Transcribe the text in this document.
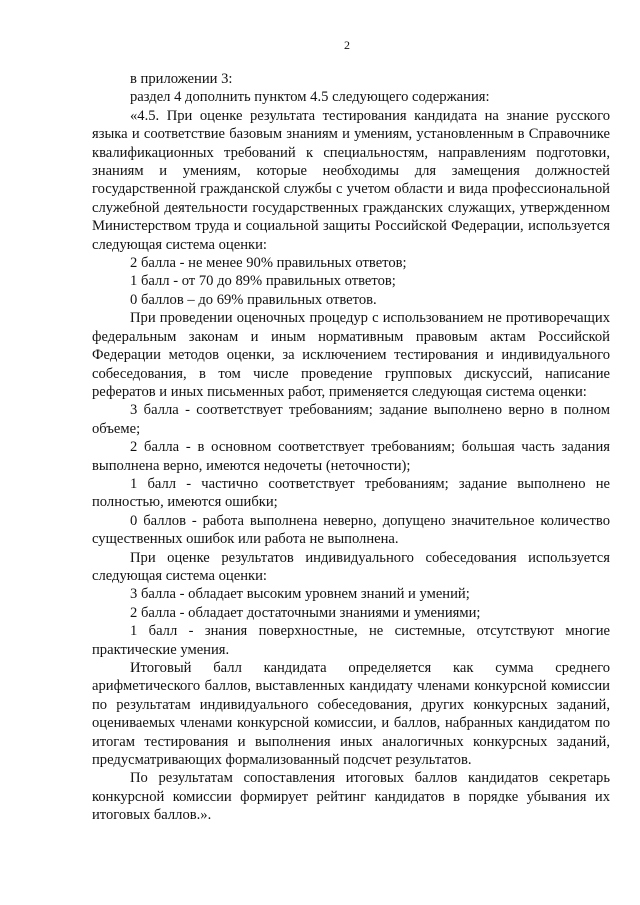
2

в приложении 3:

раздел 4 дополнить пунктом 4.5 следующего содержания:

«4.5. При оценке результата тестирования кандидата на знание русского языка и соответствие базовым знаниям и умениям, установленным в Справочнике квалификационных требований к специальностям, направлениям подготовки, знаниям и умениям, которые необходимы для замещения должностей государственной гражданской службы с учетом области и вида профессиональной служебной деятельности государственных гражданских служащих, утвержденном Министерством труда и социальной защиты Российской Федерации, используется следующая система оценки:

2 балла - не менее 90% правильных ответов;

1 балл - от 70 до 89% правильных ответов;

0 баллов – до 69% правильных ответов.

При проведении оценочных процедур с использованием не противоречащих федеральным законам и иным нормативным правовым актам Российской Федерации методов оценки, за исключением тестирования и индивидуального собеседования, в том числе проведение групповых дискуссий, написание рефератов и иных письменных работ, применяется следующая система оценки:

3 балла - соответствует требованиям; задание выполнено верно в полном объеме;

2 балла - в основном соответствует требованиям; большая часть задания выполнена верно, имеются недочеты (неточности);

1 балл - частично соответствует требованиям; задание выполнено не полностью, имеются ошибки;

0 баллов - работа выполнена неверно, допущено значительное количество существенных ошибок или работа не выполнена.

При оценке результатов индивидуального собеседования используется следующая система оценки:

3 балла - обладает высоким уровнем знаний и умений;

2 балла - обладает достаточными знаниями и умениями;

1 балл - знания поверхностные, не системные, отсутствуют многие практические умения.

Итоговый балл кандидата определяется как сумма среднего арифметического баллов, выставленных кандидату членами конкурсной комиссии по результатам индивидуального собеседования, других конкурсных заданий, оцениваемых членами конкурсной комиссии, и баллов, набранных кандидатом по итогам тестирования и выполнения иных аналогичных конкурсных заданий, предусматривающих формализованный подсчет результатов.

По результатам сопоставления итоговых баллов кандидатов секретарь конкурсной комиссии формирует рейтинг кандидатов в порядке убывания их итоговых баллов.».
